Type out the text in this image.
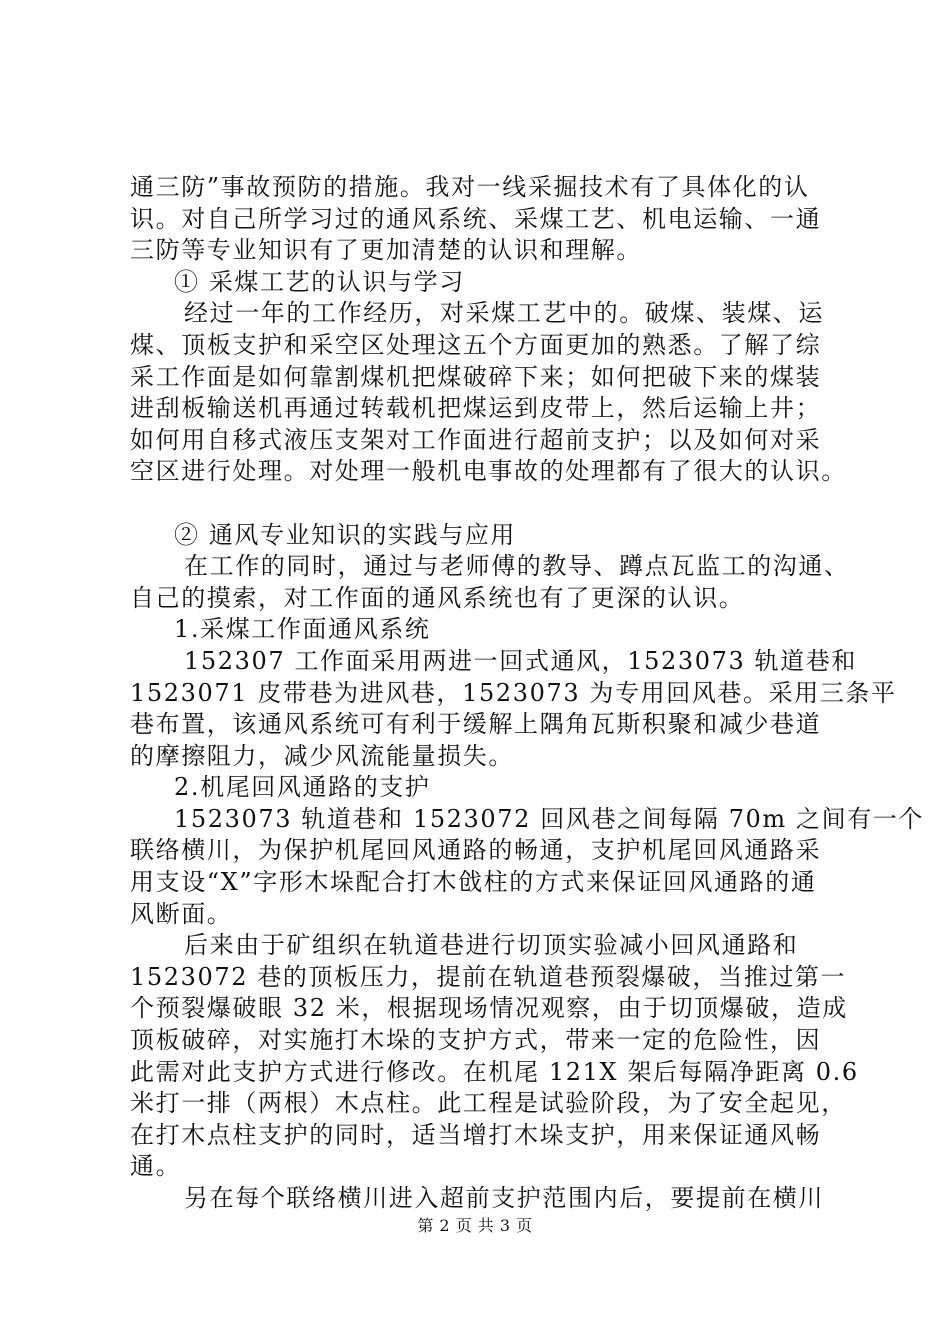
通三防”事故预防的措施。我对一线采掘技术有了具体化的认
识。对自己所学习过的通风系统、采煤工艺、机电运输、一通
三防等专业知识有了更加清楚的认识和理解。
① 采煤工艺的认识与学习
经过一年的工作经历，对采煤工艺中的。破煤、装煤、运
煤、顶板支护和采空区处理这五个方面更加的熟悉。了解了综
采工作面是如何靠割煤机把煤破碎下来；如何把破下来的煤装
进刮板输送机再通过转载机把煤运到皮带上，然后运输上井；
如何用自移式液压支架对工作面进行超前支护；以及如何对采
空区进行处理。对处理一般机电事故的处理都有了很大的认识。
② 通风专业知识的实践与应用
在工作的同时，通过与老师傅的教导、蹲点瓦监工的沟通、
自己的摸索，对工作面的通风系统也有了更深的认识。
1.采煤工作面通风系统
152307 工作面采用两进一回式通风，1523073 轨道巷和
1523071 皮带巷为进风巷，1523073 为专用回风巷。采用三条平
巷布置，该通风系统可有利于缓解上隅角瓦斯积聚和减少巷道
的摩擦阻力，减少风流能量损失。
2.机尾回风通路的支护
1523073 轨道巷和 1523072 回风巷之间每隔 70m 之间有一个
联络横川，为保护机尾回风通路的畅通，支护机尾回风通路采
用支设“X”字形木垛配合打木戗柱的方式来保证回风通路的通
风断面。
后来由于矿组织在轨道巷进行切顶实验减小回风通路和
1523072 巷的顶板压力，提前在轨道巷预裂爆破，当推过第一
个预裂爆破眼 32 米，根据现场情况观察，由于切顶爆破，造成
顶板破碎，对实施打木垛的支护方式，带来一定的危险性，因
此需对此支护方式进行修改。在机尾 121X 架后每隔净距离 0.6
米打一排（两根）木点柱。此工程是试验阶段，为了安全起见，
在打木点柱支护的同时，适当增打木垛支护，用来保证通风畅
通。
另在每个联络横川进入超前支护范围内后，要提前在横川
第 2 页 共 3 页
